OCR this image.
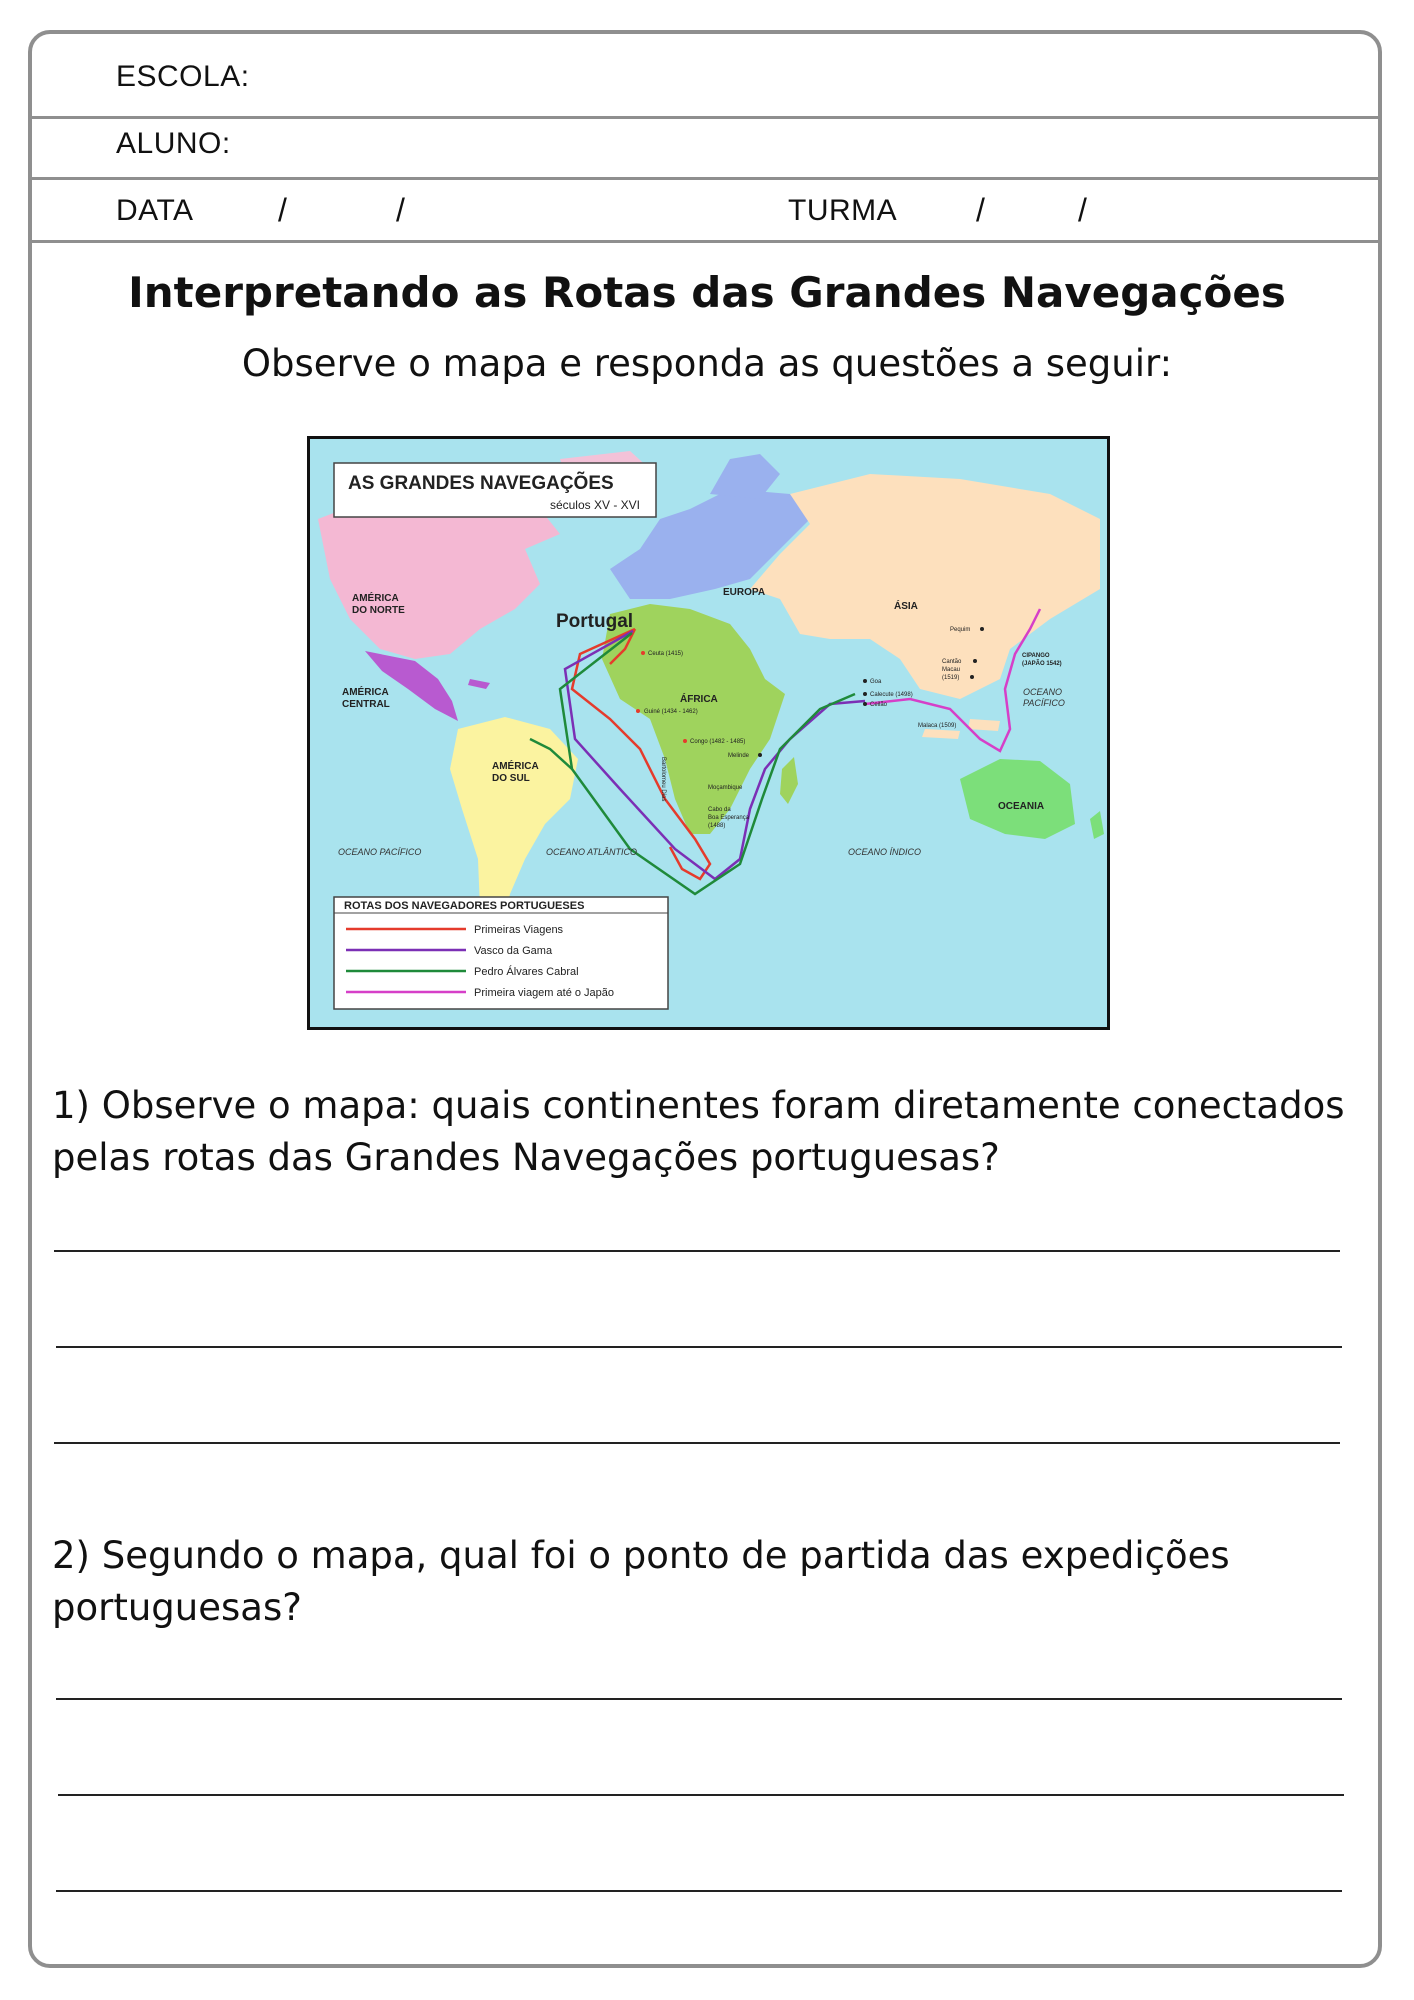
ESCOLA:
ALUNO:
DATA	/	/	TURMA /	/
Interpretando as Rotas das Grandes Navegações
Observe o mapa e responda as questões a seguir:
AS GRANDES NAVEGAÇÕES
séculos XV - XVI
AMÉRICA
DO NORTE
AMÉRICA
CENTRAL
AMÉRICA
DO SUL
EUROPA
ÁSIA
ÁFRICA
OCEANIA
Portugal
OCEANO PACÍFICO	OCEANO ATLÂNTICO	OCEANO ÍNDICO
OCEANO
PACÍFICO
Ceuta (1415)
Guiné (1434 - 1462)
Congo (1482 - 1485)
Melinde
Moçambique
Cabo da
Boa Esperança
(1488)
Bartolomeu Dias
Goa
Calecute (1498)
Ceilão
Malaca (1509)
Macau
(1519)
Cantão
Pequim
CIPANGO
(JAPÃO 1542)
ROTAS DOS NAVEGADORES PORTUGUESES
Primeiras Viagens
Vasco da Gama
Pedro Álvares Cabral
Primeira viagem até o Japão
1) Observe o mapa: quais continentes foram diretamente conectados
pelas rotas das Grandes Navegações portuguesas?
2) Segundo o mapa, qual foi o ponto de partida das expedições
portuguesas?
